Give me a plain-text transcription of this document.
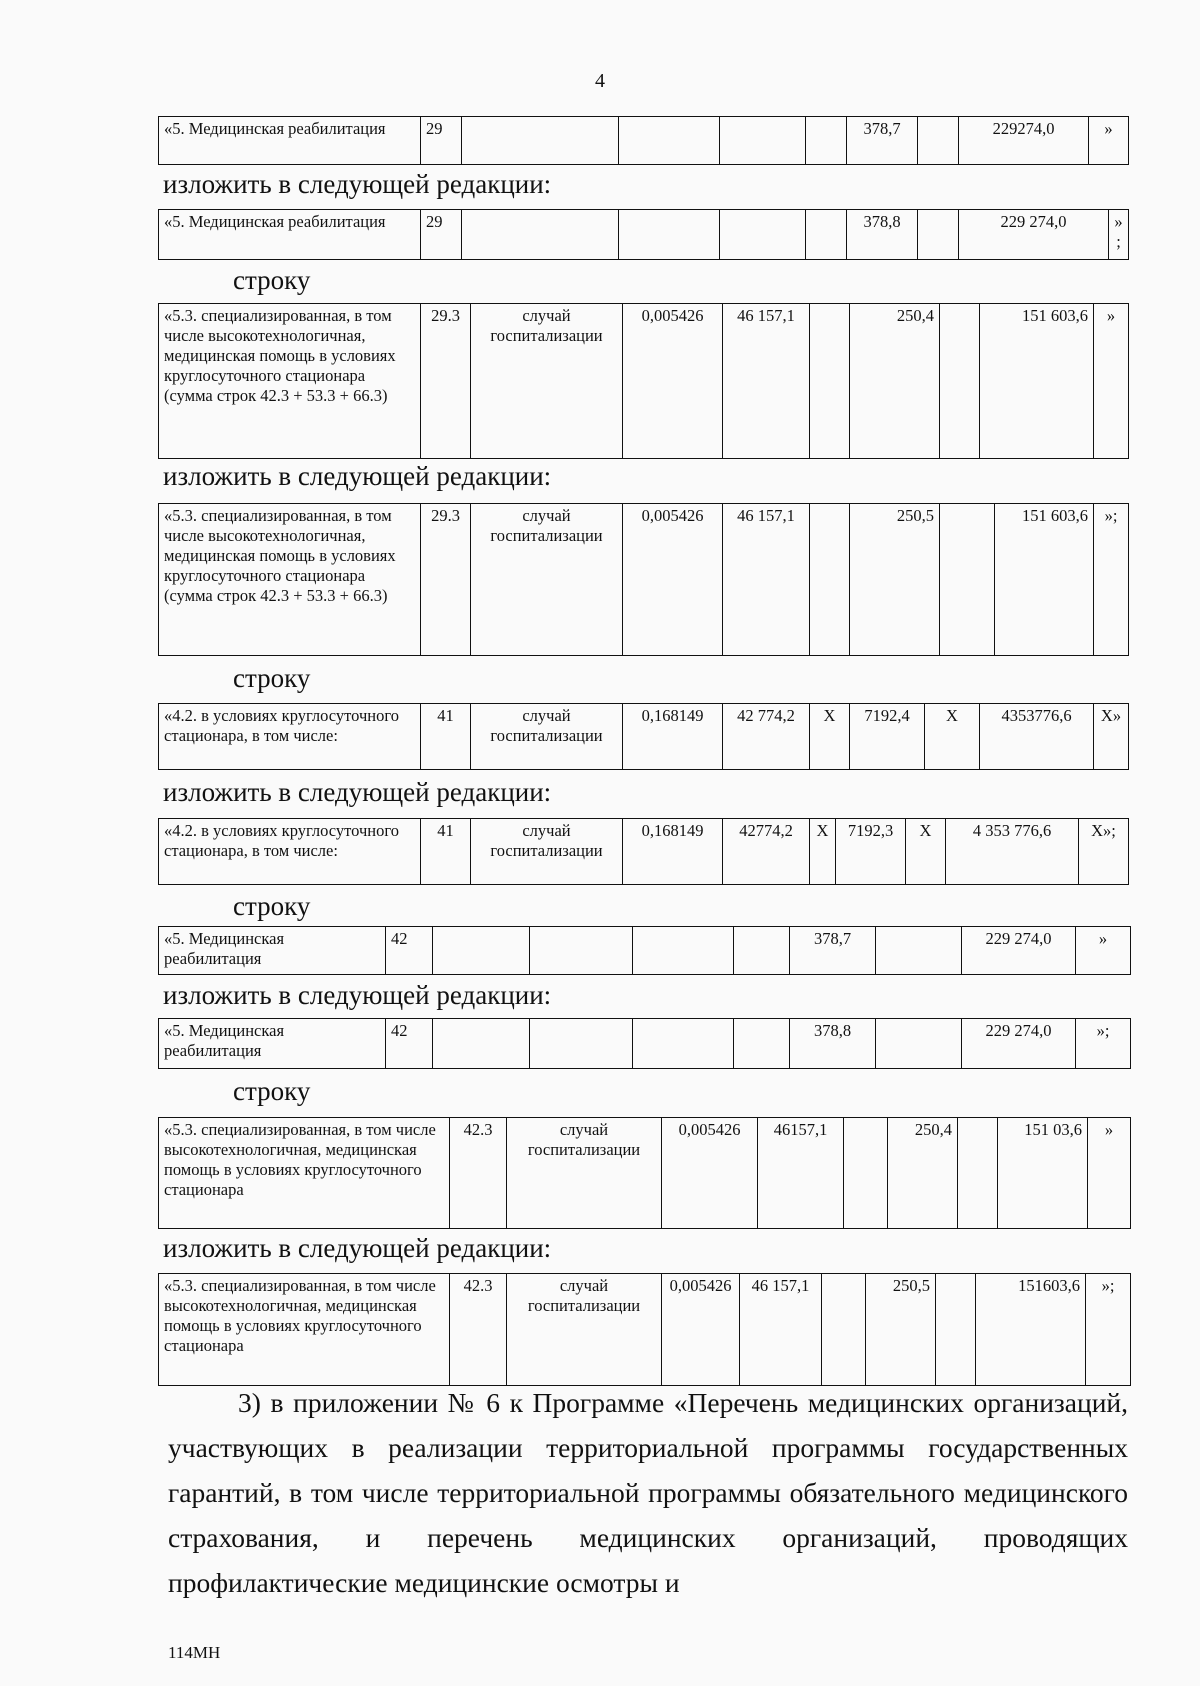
4
«5. Медицинская реабилитация	29					378,7		229274,0	»
изложить в следующей редакции:
«5. Медицинская реабилитация	29					378,8		229 274,0	»;
строку
«5.3. специализированная, в том числе высокотехнологичная, медицинская помощь в условиях круглосуточного стационара (сумма строк 42.3 + 53.3 + 66.3)	29.3	случай госпитализации	0,005426	46 157,1		250,4		151 603,6	»
изложить в следующей редакции:
«5.3. специализированная, в том числе высокотехнологичная, медицинская помощь в условиях круглосуточного стационара (сумма строк 42.3 + 53.3 + 66.3)	29.3	случай госпитализации	0,005426	46 157,1		250,5		151 603,6	»;
строку
«4.2. в условиях круглосуточного стационара, в том числе:	41	случай госпитализации	0,168149	42 774,2	Х	7192,4	Х	4353776,6	Х»
изложить в следующей редакции:
«4.2. в условиях круглосуточного стационара, в том числе:	41	случай госпитализации	0,168149	42774,2	Х	7192,3	Х	4 353 776,6	Х»;
строку
«5. Медицинская реабилитация	42					378,7		229 274,0	»
изложить в следующей редакции:
«5. Медицинская реабилитация	42					378,8		229 274,0	»;
строку
«5.3. специализированная, в том числе высокотехнологичная, медицинская помощь в условиях круглосуточного стационара	42.3	случай госпитализации	0,005426	46157,1		250,4		151 03,6	»
изложить в следующей редакции:
«5.3. специализированная, в том числе высокотехнологичная, медицинская помощь в условиях круглосуточного стационара	42.3	случай госпитализации	0,005426	46 157,1		250,5		151603,6	»;
3) в приложении № 6 к Программе «Перечень медицинских организаций, участвующих в реализации территориальной программы государственных гарантий, в том числе территориальной программы обязательного медицинского страхования, и перечень медицинских организаций, проводящих профилактические медицинские осмотры и
114МН
